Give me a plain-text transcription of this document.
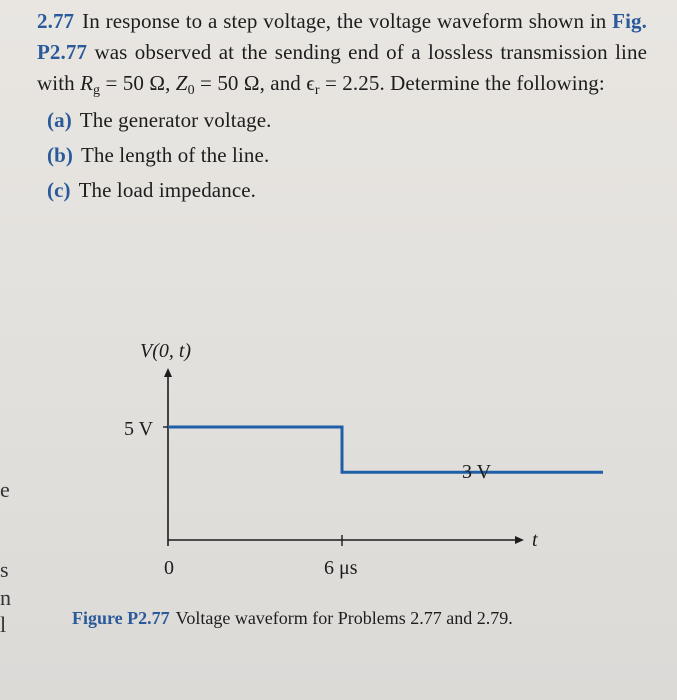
2.77 In response to a step voltage, the voltage waveform shown in Fig. P2.77 was observed at the sending end of a lossless transmission line with $R_g = 50$ Ω, $Z_0 = 50$ Ω, and $\epsilon_r = 2.25$. Determine the following:

(a) The generator voltage.
(b) The length of the line.
(c) The load impedance.
V(0, t)
t
5 V
0	6 μs
3 V
Figure P2.77 Voltage waveform for Problems 2.77 and 2.79.
e
s
n
l
